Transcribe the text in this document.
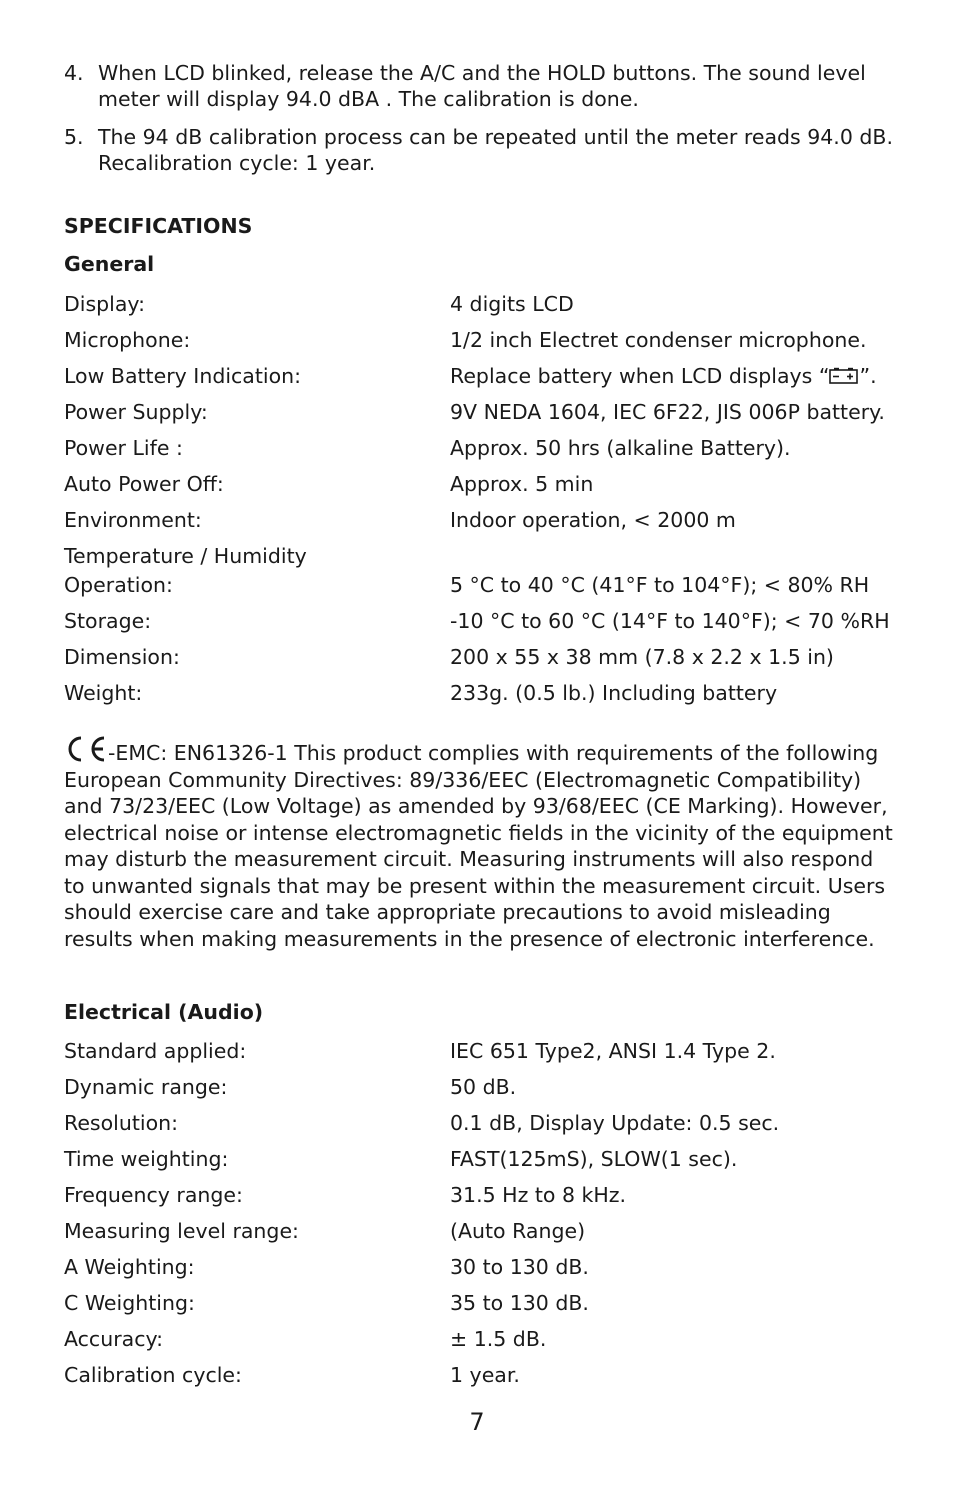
4. When LCD blinked, release the A/C and the HOLD buttons. The sound level meter will display 94.0 dBA . The calibration is done.
5. The 94 dB calibration process can be repeated until the meter reads 94.0 dB. Recalibration cycle: 1 year.
SPECIFICATIONS
General
Display:	4 digits LCD
Microphone:	1/2 inch Electret condenser microphone.
Low Battery Indication:	Replace battery when LCD displays “ ”.
Power Supply:	9V NEDA 1604, IEC 6F22, JIS 006P battery.
Power Life :	Approx. 50 hrs (alkaline Battery).
Auto Power Off:	Approx. 5 min
Environment:	Indoor operation, < 2000 m
Temperature / Humidity
Operation:	5 °C to 40 °C (41°F to 104°F); < 80% RH
Storage:	-10 °C to 60 °C (14°F to 140°F); < 70 %RH
Dimension:	200 x 55 x 38 mm (7.8 x 2.2 x 1.5 in)
Weight:	233g. (0.5 lb.) Including battery
-EMC: EN61326-1 This product complies with requirements of the following European Community Directives: 89/336/EEC (Electromagnetic Compatibility) and 73/23/EEC (Low Voltage) as amended by 93/68/EEC (CE Marking). However, electrical noise or intense electromagnetic fields in the vicinity of the equipment may disturb the measurement circuit. Measuring instruments will also respond to unwanted signals that may be present within the measurement circuit. Users should exercise care and take appropriate precautions to avoid misleading results when making measurements in the presence of electronic interference.
Electrical (Audio)
Standard applied:	IEC 651 Type2, ANSI 1.4 Type 2.
Dynamic range:	50 dB.
Resolution:	0.1 dB, Display Update: 0.5 sec.
Time weighting:	FAST(125mS), SLOW(1 sec).
Frequency range:	31.5 Hz to 8 kHz.
Measuring level range:	(Auto Range)
A Weighting:	30 to 130 dB.
C Weighting:	35 to 130 dB.
Accuracy:	± 1.5 dB.
Calibration cycle:	1 year.
7
